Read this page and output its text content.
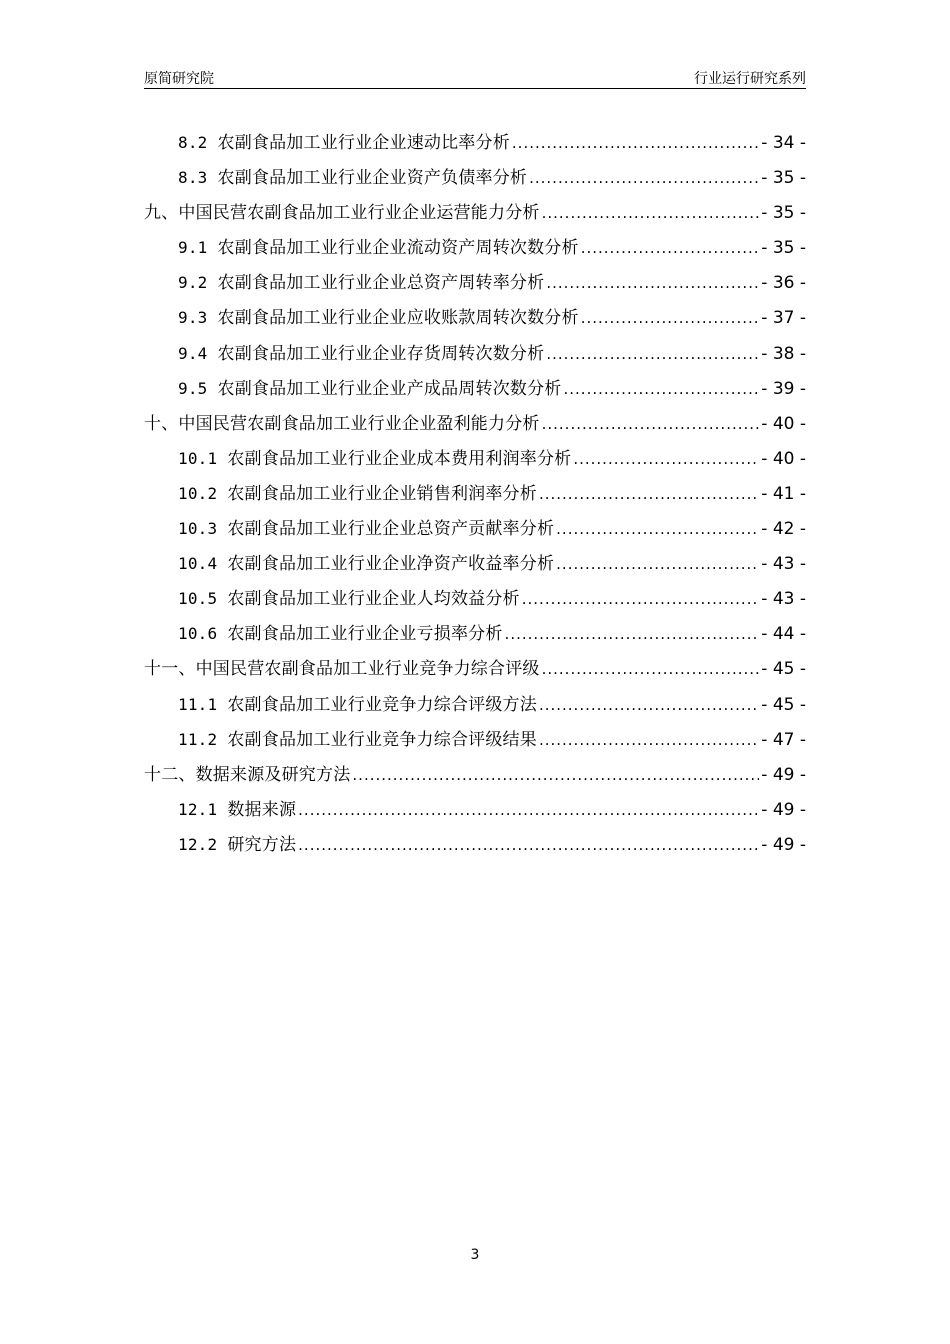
原简研究院	行业运行研究系列
8.2 农副食品加工业行业企业速动比率分析 .....	- 34 -
8.3 农副食品加工业行业企业资产负债率分析 .....	- 35 -
九、中国民营农副食品加工业行业企业运营能力分析 .....	- 35 -
9.1 农副食品加工业行业企业流动资产周转次数分析 .....	- 35 -
9.2 农副食品加工业行业企业总资产周转率分析 .....	- 36 -
9.3 农副食品加工业行业企业应收账款周转次数分析 .....	- 37 -
9.4 农副食品加工业行业企业存货周转次数分析 .....	- 38 -
9.5 农副食品加工业行业企业产成品周转次数分析 .....	- 39 -
十、中国民营农副食品加工业行业企业盈利能力分析 .....	- 40 -
10.1 农副食品加工业行业企业成本费用利润率分析 .....	- 40 -
10.2 农副食品加工业行业企业销售利润率分析 .....	- 41 -
10.3 农副食品加工业行业企业总资产贡献率分析 .....	- 42 -
10.4 农副食品加工业行业企业净资产收益率分析 .....	- 43 -
10.5 农副食品加工业行业企业人均效益分析 .....	- 43 -
10.6 农副食品加工业行业企业亏损率分析 .....	- 44 -
十一、中国民营农副食品加工业行业竞争力综合评级 .....	- 45 -
11.1 农副食品加工业行业竞争力综合评级方法 .....	- 45 -
11.2 农副食品加工业行业竞争力综合评级结果 .....	- 47 -
十二、数据来源及研究方法 .....	- 49 -
12.1 数据来源 .....	- 49 -
12.2 研究方法 .....	- 49 -
3
